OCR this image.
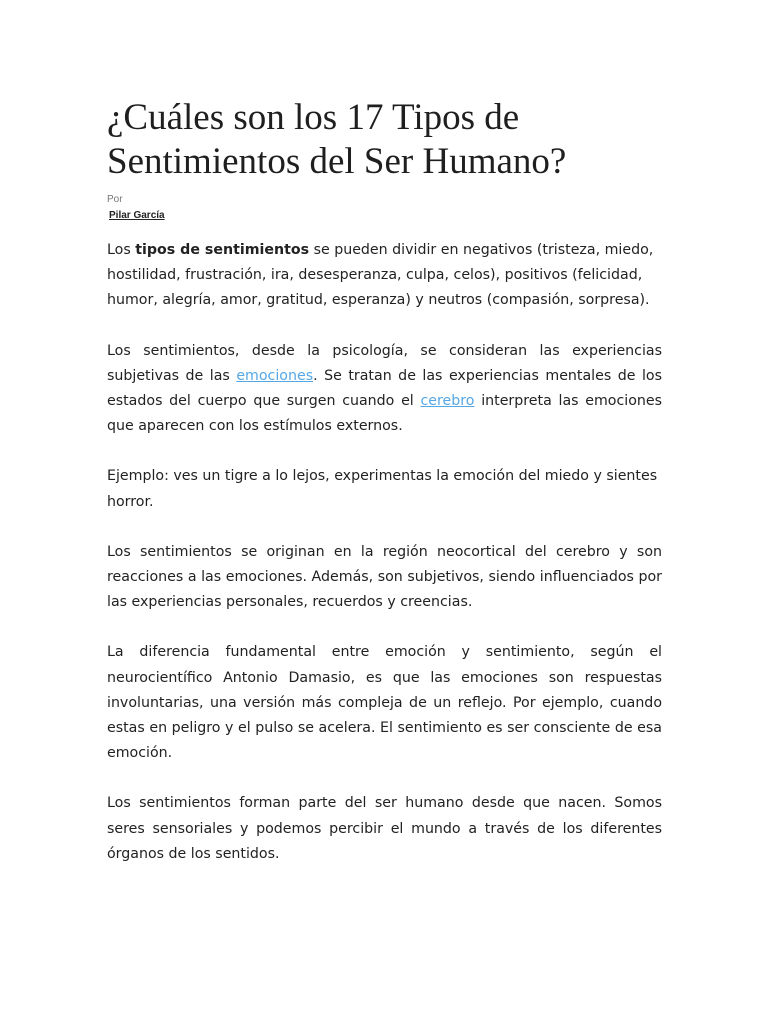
¿Cuáles son los 17 Tipos de Sentimientos del Ser Humano?
Por
Pilar García

Los tipos de sentimientos se pueden dividir en negativos (tristeza, miedo, hostilidad, frustración, ira, desesperanza, culpa, celos), positivos (felicidad, humor, alegría, amor, gratitud, esperanza) y neutros (compasión, sorpresa).

Los sentimientos, desde la psicología, se consideran las experiencias subjetivas de las emociones. Se tratan de las experiencias mentales de los estados del cuerpo que surgen cuando el cerebro interpreta las emociones que aparecen con los estímulos externos.

Ejemplo: ves un tigre a lo lejos, experimentas la emoción del miedo y sientes horror.

Los sentimientos se originan en la región neocortical del cerebro y son reacciones a las emociones. Además, son subjetivos, siendo influenciados por las experiencias personales, recuerdos y creencias.

La diferencia fundamental entre emoción y sentimiento, según el neurocientífico Antonio Damasio, es que las emociones son respuestas involuntarias, una versión más compleja de un reflejo. Por ejemplo, cuando estas en peligro y el pulso se acelera. El sentimiento es ser consciente de esa emoción.

Los sentimientos forman parte del ser humano desde que nacen. Somos seres sensoriales y podemos percibir el mundo a través de los diferentes órganos de los sentidos.
